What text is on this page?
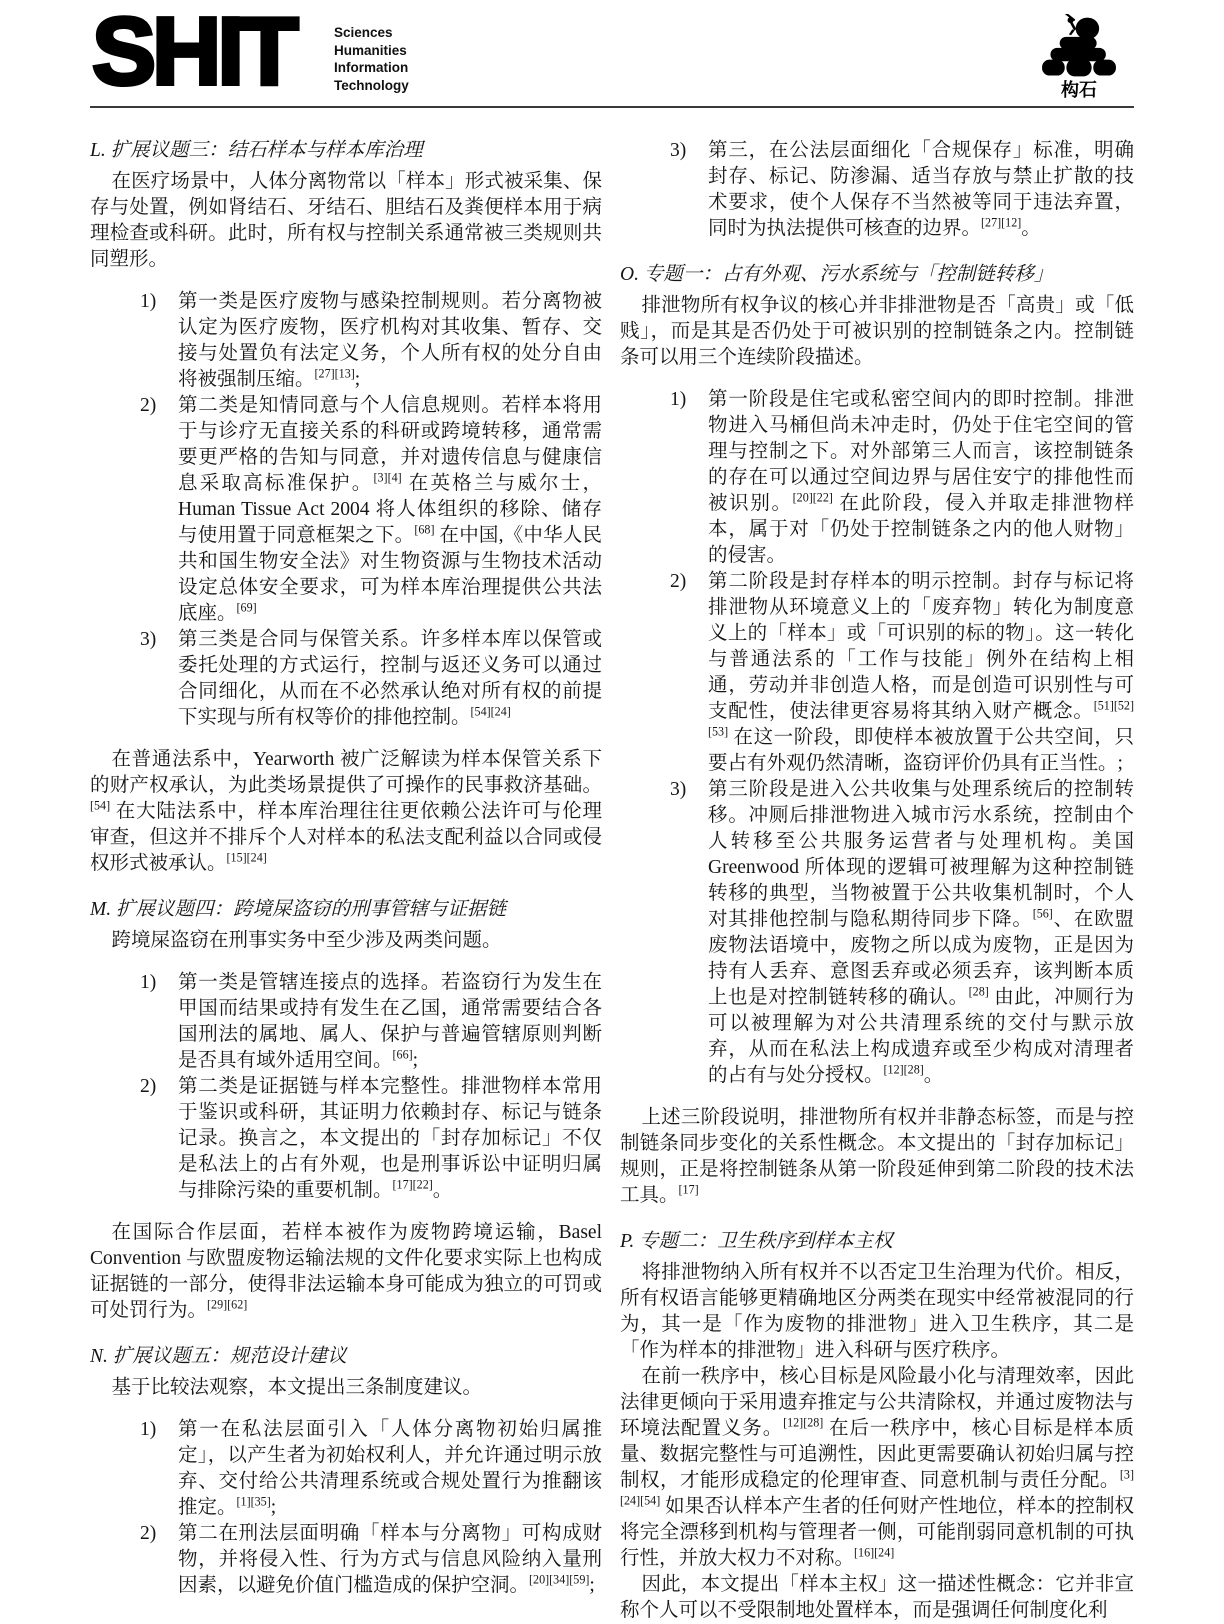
SHIT	Sciences
Humanities
Information
Technology	构石
L. 扩展议题三：结石样本与样本库治理

在医疗场景中，人体分离物常以「样本」形式被采集、保存与处置，例如肾结石、牙结石、胆结石及粪便样本用于病理检查或科研。此时，所有权与控制关系通常被三类规则共同塑形。

1) 第一类是医疗废物与感染控制规则。若分离物被认定为医疗废物，医疗机构对其收集、暂存、交接与处置负有法定义务，个人所有权的处分自由将被强制压缩。[27][13];
2) 第二类是知情同意与个人信息规则。若样本将用于与诊疗无直接关系的科研或跨境转移，通常需要更严格的告知与同意，并对遗传信息与健康信息采取高标准保护。[3][4] 在英格兰与威尔士，Human Tissue Act 2004 将人体组织的移除、储存与使用置于同意框架之下。[68] 在中国,《中华人民共和国生物安全法》对生物资源与生物技术活动设定总体安全要求，可为样本库治理提供公共法底座。[69]
3) 第三类是合同与保管关系。许多样本库以保管或委托处理的方式运行，控制与返还义务可以通过合同细化，从而在不必然承认绝对所有权的前提下实现与所有权等价的排他控制。[54][24]

在普通法系中，Yearworth 被广泛解读为样本保管关系下的财产权承认，为此类场景提供了可操作的民事救济基础。[54] 在大陆法系中，样本库治理往往更依赖公法许可与伦理审查，但这并不排斥个人对样本的私法支配利益以合同或侵权形式被承认。[15][24]

M. 扩展议题四：跨境屎盗窃的刑事管辖与证据链

跨境屎盗窃在刑事实务中至少涉及两类问题。

1) 第一类是管辖连接点的选择。若盗窃行为发生在甲国而结果或持有发生在乙国，通常需要结合各国刑法的属地、属人、保护与普遍管辖原则判断是否具有域外适用空间。[66];
2) 第二类是证据链与样本完整性。排泄物样本常用于鉴识或科研，其证明力依赖封存、标记与链条记录。换言之，本文提出的「封存加标记」不仅是私法上的占有外观，也是刑事诉讼中证明归属与排除污染的重要机制。[17][22]。

在国际合作层面，若样本被作为废物跨境运输，Basel Convention 与欧盟废物运输法规的文件化要求实际上也构成证据链的一部分，使得非法运输本身可能成为独立的可罚或可处罚行为。[29][62]

N. 扩展议题五：规范设计建议

基于比较法观察，本文提出三条制度建议。

1) 第一在私法层面引入「人体分离物初始归属推定」，以产生者为初始权利人，并允许通过明示放弃、交付给公共清理系统或合规处置行为推翻该推定。[1][35];
2) 第二在刑法层面明确「样本与分离物」可构成财物，并将侵入性、行为方式与信息风险纳入量刑因素，以避免价值门槛造成的保护空洞。[20][34][59];
3) 第三，在公法层面细化「合规保存」标准，明确封存、标记、防渗漏、适当存放与禁止扩散的技术要求，使个人保存不当然被等同于违法弃置，同时为执法提供可核查的边界。[27][12]。
O. 专题一：占有外观、污水系统与「控制链转移」

排泄物所有权争议的核心并非排泄物是否「高贵」或「低贱」，而是其是否仍处于可被识别的控制链条之内。控制链条可以用三个连续阶段描述。

1) 第一阶段是住宅或私密空间内的即时控制。排泄物进入马桶但尚未冲走时，仍处于住宅空间的管理与控制之下。对外部第三人而言，该控制链条的存在可以通过空间边界与居住安宁的排他性而被识别。[20][22] 在此阶段，侵入并取走排泄物样本，属于对「仍处于控制链条之内的他人财物」的侵害。
2) 第二阶段是封存样本的明示控制。封存与标记将排泄物从环境意义上的「废弃物」转化为制度意义上的「样本」或「可识别的标的物」。这一转化与普通法系的「工作与技能」例外在结构上相通，劳动并非创造人格，而是创造可识别性与可支配性，使法律更容易将其纳入财产概念。[51][52][53] 在这一阶段，即使样本被放置于公共空间，只要占有外观仍然清晰，盗窃评价仍具有正当性。;
3) 第三阶段是进入公共收集与处理系统后的控制转移。冲厕后排泄物进入城市污水系统，控制由个人转移至公共服务运营者与处理机构。美国 Greenwood 所体现的逻辑可被理解为这种控制链转移的典型，当物被置于公共收集机制时，个人对其排他控制与隐私期待同步下降。[56]、在欧盟废物法语境中，废物之所以成为废物，正是因为持有人丢弃、意图丢弃或必须丢弃，该判断本质上也是对控制链转移的确认。[28] 由此，冲厕行为可以被理解为对公共清理系统的交付与默示放弃，从而在私法上构成遗弃或至少构成对清理者的占有与处分授权。[12][28]。

上述三阶段说明，排泄物所有权并非静态标签，而是与控制链条同步变化的关系性概念。本文提出的「封存加标记」规则，正是将控制链条从第一阶段延伸到第二阶段的技术法工具。[17]

P. 专题二：卫生秩序到样本主权

将排泄物纳入所有权并不以否定卫生治理为代价。相反，所有权语言能够更精确地区分两类在现实中经常被混同的行为，其一是「作为废物的排泄物」进入卫生秩序，其二是「作为样本的排泄物」进入科研与医疗秩序。

在前一秩序中，核心目标是风险最小化与清理效率，因此法律更倾向于采用遗弃推定与公共清除权，并通过废物法与环境法配置义务。[12][28] 在后一秩序中，核心目标是样本质量、数据完整性与可追溯性，因此更需要确认初始归属与控制权，才能形成稳定的伦理审查、同意机制与责任分配。[3][24][54] 如果否认样本产生者的任何财产性地位，样本的控制权将完全漂移到机构与管理者一侧，可能削弱同意机制的可执行性，并放大权力不对称。[16][24]

因此，本文提出「样本主权」这一描述性概念：它并非宣称个人可以不受限制地处置样本，而是强调任何制度化利
